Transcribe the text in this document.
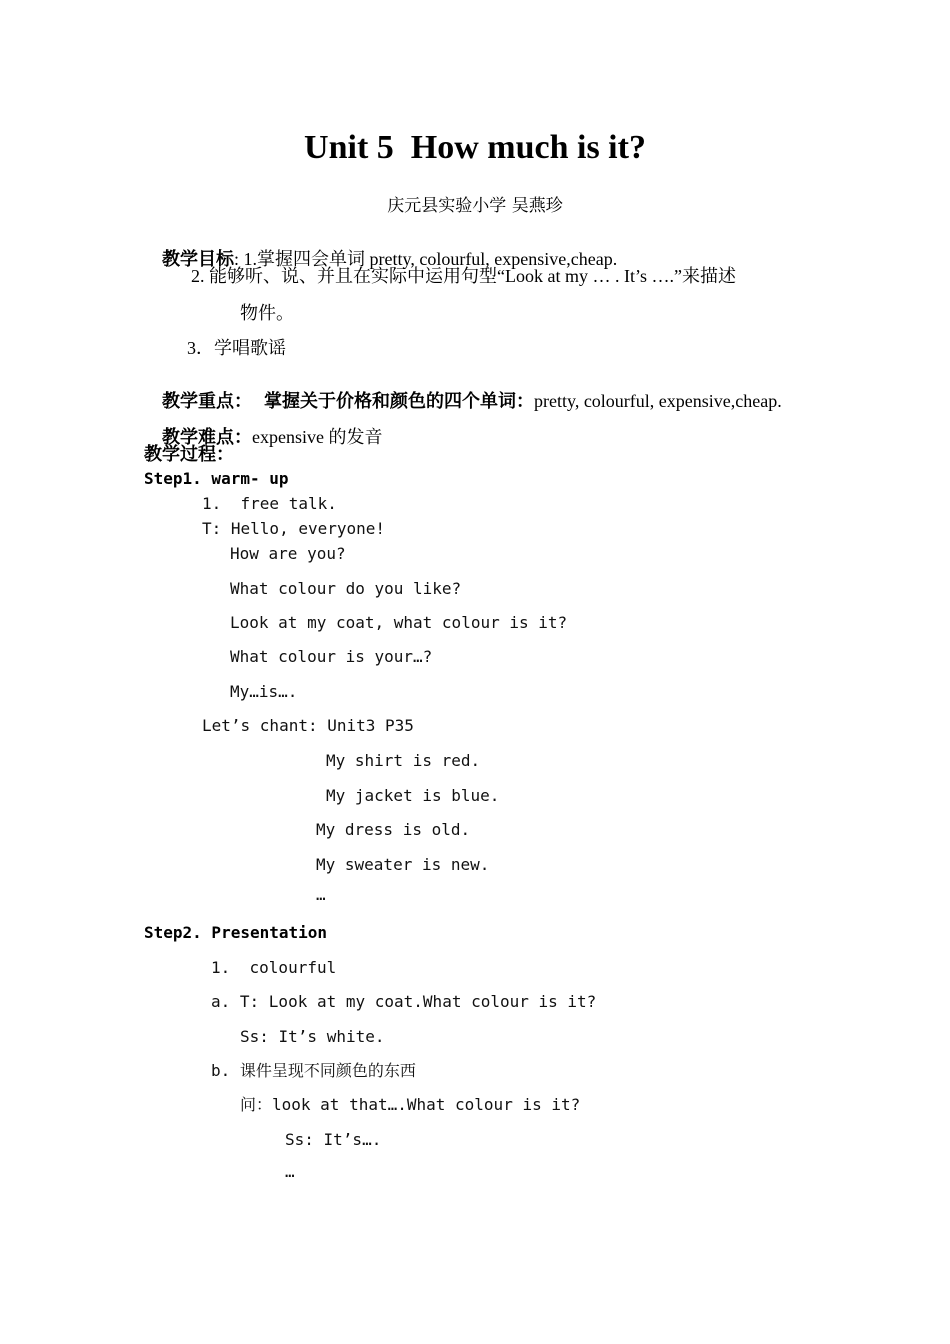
Unit 5  How much is it?
庆元县实验小学 吴燕珍

教学目标: 1.掌握四会单词 pretty, colourful, expensive,cheap.

2. 能够听、说、并且在实际中运用句型“Look at my … . It’s ….”来描述
物件。
3．学唱歌谣

教学重点： 掌握关于价格和颜色的四个单词：pretty, colourful, expensive,cheap.

教学难点：expensive 的发音

教学过程：
Step1. warm- up
1.  free talk.
T: Hello, everyone!
How are you?
What colour do you like?
Look at my coat, what colour is it?
What colour is your…?
My…is….
Let’s chant: Unit3 P35
My shirt is red.
My jacket is blue.
My dress is old.
My sweater is new.
…
Step2. Presentation
1.  colourful
a. T: Look at my coat.What colour is it?
Ss: It’s white.
b. 课件呈现不同颜色的东西
问：look at that….What colour is it?
Ss: It’s….
…
